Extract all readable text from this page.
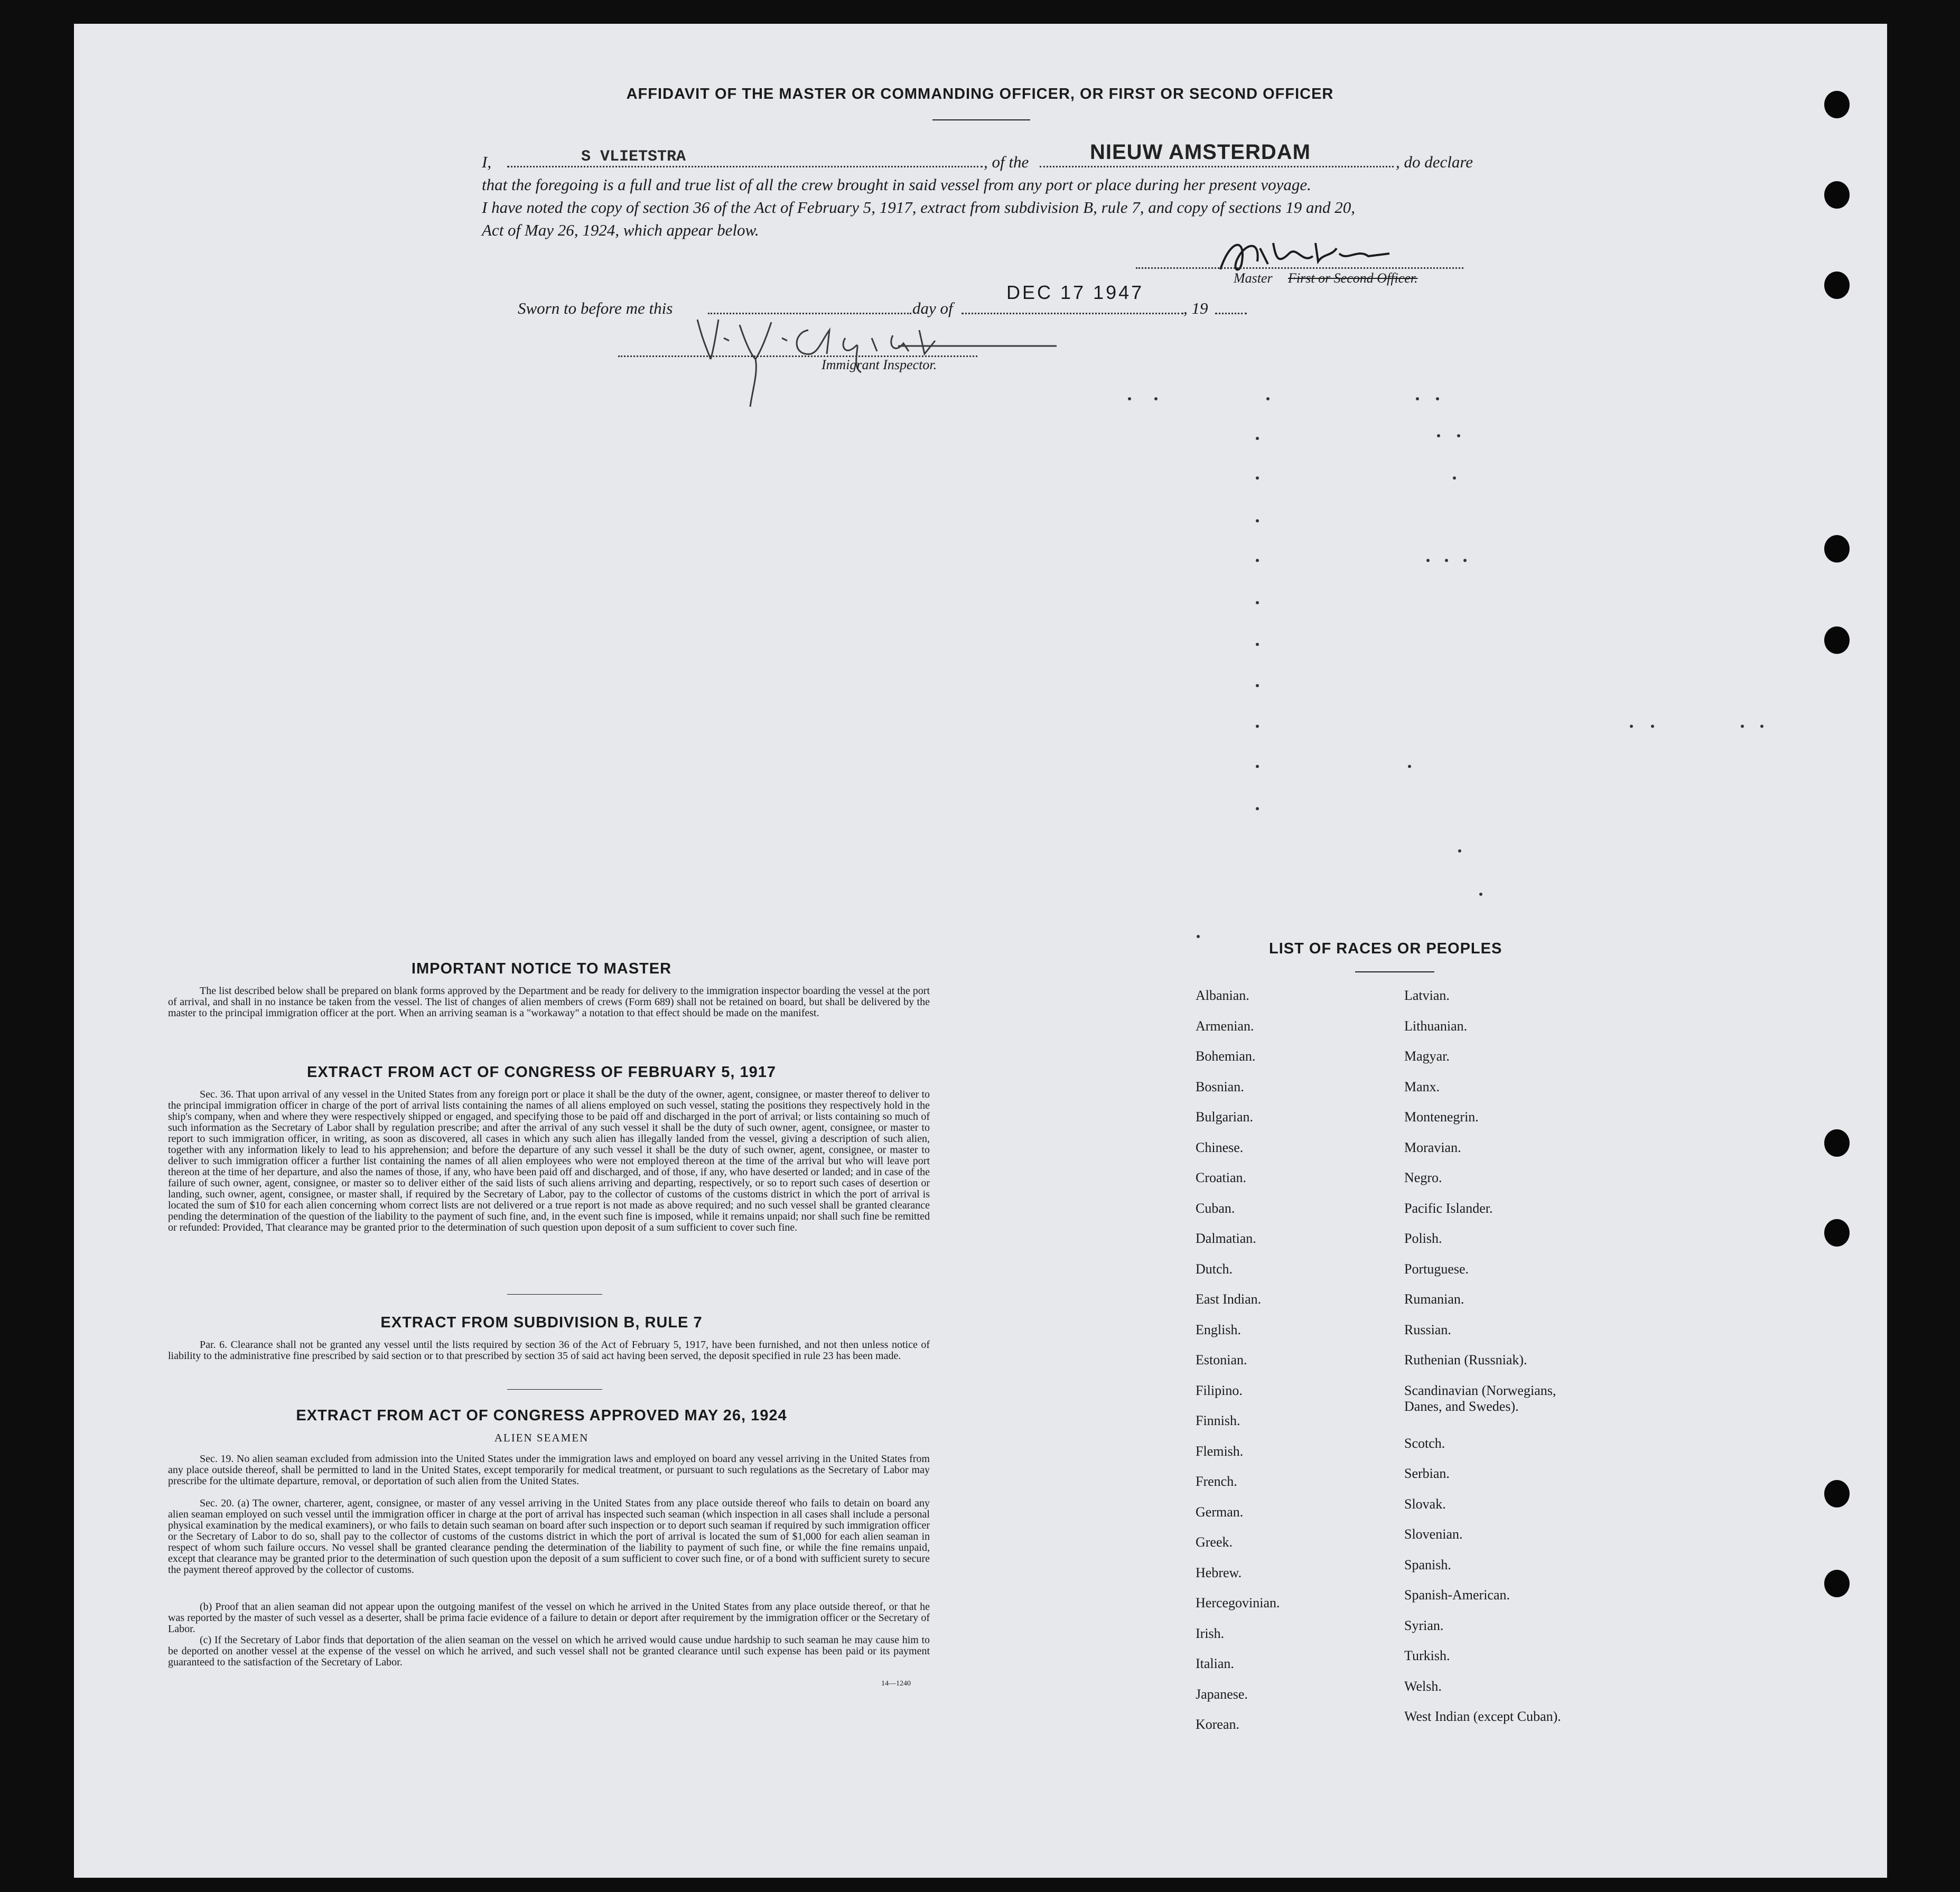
AFFIDAVIT OF THE MASTER OR COMMANDING OFFICER, OR FIRST OR SECOND OFFICER
I,	S VLIETSTRA	, of the	NIEUW AMSTERDAM	, do declare
that the foregoing is a full and true list of all the crew brought in said vessel from any port or place during her present voyage.
I have noted the copy of section 36 of the Act of February 5, 1917, extract from subdivision B, rule 7, and copy of sections 19 and 20,
Act of May 26, 1924, which appear below.
Master First or Second Officer.
Sworn to before me this	day of
DEC 17 1947
, 19
Immigrant Inspector.
IMPORTANT NOTICE TO MASTER
The list described below shall be prepared on blank forms approved by the Department and be ready for delivery to the immigration inspector boarding the vessel at the port of arrival, and shall in no instance be taken from the vessel. The list of changes of alien members of crews (Form 689) shall not be retained on board, but shall be delivered by the master to the principal immigration officer at the port. When an arriving seaman is a "workaway" a notation to that effect should be made on the manifest.
EXTRACT FROM ACT OF CONGRESS OF FEBRUARY 5, 1917
Sec. 36. That upon arrival of any vessel in the United States from any foreign port or place it shall be the duty of the owner, agent, consignee, or master thereof to deliver to the principal immigration officer in charge of the port of arrival lists containing the names of all aliens employed on such vessel, stating the positions they respectively hold in the ship's company, when and where they were respectively shipped or engaged, and specifying those to be paid off and discharged in the port of arrival; or lists containing so much of such information as the Secretary of Labor shall by regulation prescribe; and after the arrival of any such vessel it shall be the duty of such owner, agent, consignee, or master to report to such immigration officer, in writing, as soon as discovered, all cases in which any such alien has illegally landed from the vessel, giving a description of such alien, together with any information likely to lead to his apprehension; and before the departure of any such vessel it shall be the duty of such owner, agent, consignee, or master to deliver to such immigration officer a further list containing the names of all alien employees who were not employed thereon at the time of the arrival but who will leave port thereon at the time of her departure, and also the names of those, if any, who have been paid off and discharged, and of those, if any, who have deserted or landed; and in case of the failure of such owner, agent, consignee, or master so to deliver either of the said lists of such aliens arriving and departing, respectively, or so to report such cases of desertion or landing, such owner, agent, consignee, or master shall, if required by the Secretary of Labor, pay to the collector of customs of the customs district in which the port of arrival is located the sum of $10 for each alien concerning whom correct lists are not delivered or a true report is not made as above required; and no such vessel shall be granted clearance pending the determination of the question of the liability to the payment of such fine, and, in the event such fine is imposed, while it remains unpaid; nor shall such fine be remitted or refunded: Provided, That clearance may be granted prior to the determination of such question upon deposit of a sum sufficient to cover such fine.
EXTRACT FROM SUBDIVISION B, RULE 7
Par. 6. Clearance shall not be granted any vessel until the lists required by section 36 of the Act of February 5, 1917, have been furnished, and not then unless notice of liability to the administrative fine prescribed by said section or to that prescribed by section 35 of said act having been served, the deposit specified in rule 23 has been made.
EXTRACT FROM ACT OF CONGRESS APPROVED MAY 26, 1924
ALIEN SEAMEN
Sec. 19. No alien seaman excluded from admission into the United States under the immigration laws and employed on board any vessel arriving in the United States from any place outside thereof, shall be permitted to land in the United States, except temporarily for medical treatment, or pursuant to such regulations as the Secretary of Labor may prescribe for the ultimate departure, removal, or deportation of such alien from the United States.
Sec. 20. (a) The owner, charterer, agent, consignee, or master of any vessel arriving in the United States from any place outside thereof who fails to detain on board any alien seaman employed on such vessel until the immigration officer in charge at the port of arrival has inspected such seaman (which inspection in all cases shall include a personal physical examination by the medical examiners), or who fails to detain such seaman on board after such inspection or to deport such seaman if required by such immigration officer or the Secretary of Labor to do so, shall pay to the collector of customs of the customs district in which the port of arrival is located the sum of $1,000 for each alien seaman in respect of whom such failure occurs. No vessel shall be granted clearance pending the determination of the liability to payment of such fine, or while the fine remains unpaid, except that clearance may be granted prior to the determination of such question upon the deposit of a sum sufficient to cover such fine, or of a bond with sufficient surety to secure the payment thereof approved by the collector of customs.
(b) Proof that an alien seaman did not appear upon the outgoing manifest of the vessel on which he arrived in the United States from any place outside thereof, or that he was reported by the master of such vessel as a deserter, shall be prima facie evidence of a failure to detain or deport after requirement by the immigration officer or the Secretary of Labor.
(c) If the Secretary of Labor finds that deportation of the alien seaman on the vessel on which he arrived would cause undue hardship to such seaman he may cause him to be deported on another vessel at the expense of the vessel on which he arrived, and such vessel shall not be granted clearance until such expense has been paid or its payment guaranteed to the satisfaction of the Secretary of Labor.
14—1240
LIST OF RACES OR PEOPLES
Albanian.
Armenian.
Bohemian.
Bosnian.
Bulgarian.
Chinese.
Croatian.
Cuban.
Dalmatian.
Dutch.
East Indian.
English.
Estonian.
Filipino.
Finnish.
Flemish.
French.
German.
Greek.
Hebrew.
Hercegovinian.
Irish.
Italian.
Japanese.
Korean.
Latvian.
Lithuanian.
Magyar.
Manx.
Montenegrin.
Moravian.
Negro.
Pacific Islander.
Polish.
Portuguese.
Rumanian.
Russian.
Ruthenian (Russniak).
Scandinavian (Norwegians,
Danes, and Swedes).
Scotch.
Serbian.
Slovak.
Slovenian.
Spanish.
Spanish-American.
Syrian.
Turkish.
Welsh.
West Indian (except Cuban).
